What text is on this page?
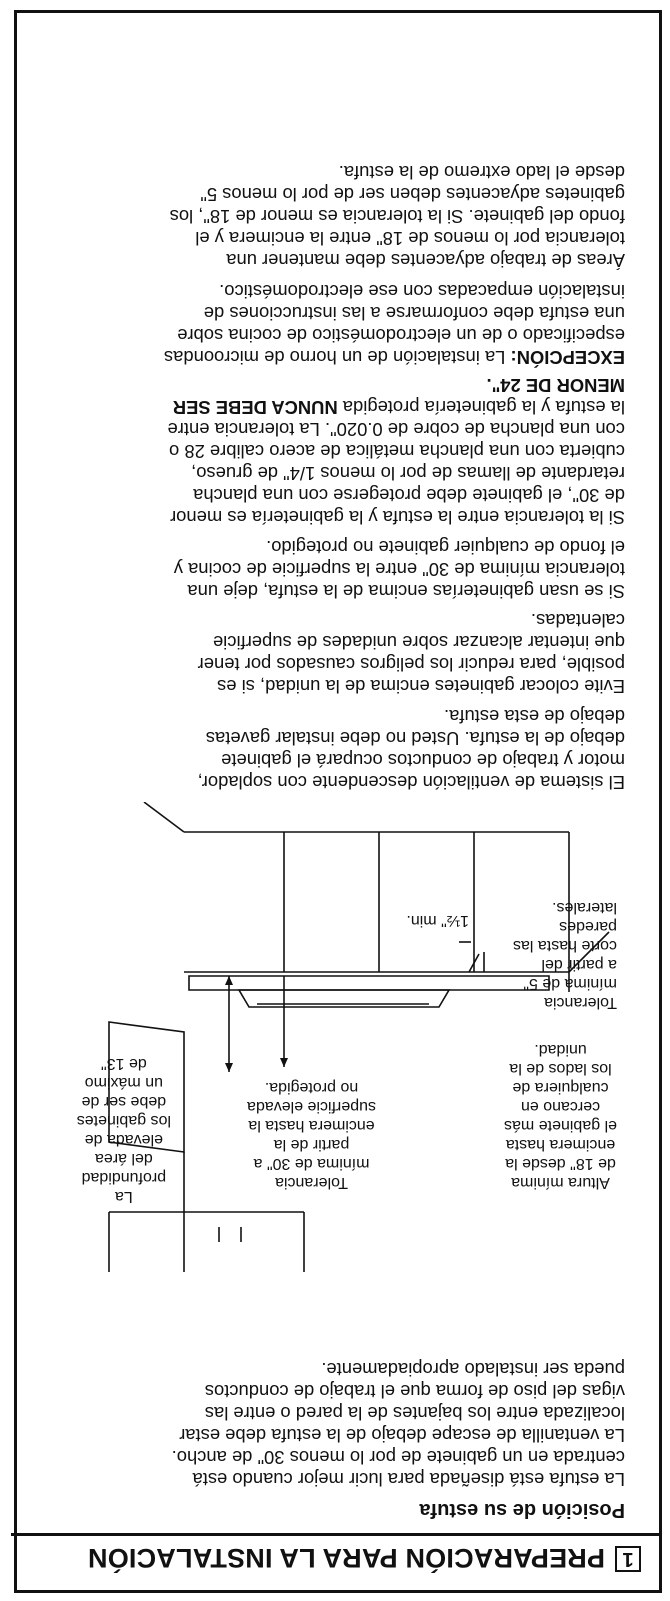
1
PREPARACIÓN PARA LA INSTALACIÓN
Posición de su estufa
La estufa está diseñada para lucir mejor cuando está
centrada en un gabinete de por lo menos 30" de ancho.
La ventanilla de escape debajo de la estufa debe estar
localizada entre los bajantes de la pared o entre las
vigas del piso de forma que el trabajo de conductos
pueda ser instalado apropiadamente.
La
profundidad
del área
elevada de
los gabinetes
debe ser de
un máximo
de 13"
Tolerancia
mínima de 30" a
partir de la
encimera hasta la
superficie elevada
no protegida.
Altura mínima
de 18" desde la
encimera hasta
el gabinete más
cercano en
cualquiera de
los lados de la
unidad.
Tolerancia
mínima de 5"
a partir del
corte hasta las
paredes
laterales.
1½" min.
El sistema de ventilación descendente con soplador,
motor y trabajo de conductos ocupará el gabinete
debajo de la estufa. Usted no debe instalar gavetas
debajo de esta estufa.
Evite colocar gabinetes encima de la unidad, si es
posible, para reducir los peligros causados por tener
que intentar alcanzar sobre unidades de superficie
calentadas.
Si se usan gabineterías encima de la estufa, deje una
tolerancia mínima de 30" entre la superficie de cocina y
el fondo de cualquier gabinete no protegido.
Si la tolerancia entre la estufa y la gabinetería es menor
de 30", el gabinete debe protegerse con una plancha
retardante de llamas de por lo menos 1/4" de grueso,
cubierta con una plancha metálica de acero calibre 28 o
con una plancha de cobre de 0.020". La tolerancia entre
la estufa y la gabinetería protegida NUNCA DEBE SER
MENOR DE 24".
EXCEPCIÓN: La instalación de un horno de microondas
especificado o de un electrodoméstico de cocina sobre
una estufa debe conformarse a las instrucciones de
instalación empacadas con ese electrodoméstico.
Áreas de trabajo adyacentes debe mantener una
tolerancia por lo menos de 18" entre la encimera y el
fondo del gabinete. Si la tolerancia es menor de 18", los
gabinetes adyacentes deben ser de por lo menos 5"
desde el lado extremo de la estufa.
